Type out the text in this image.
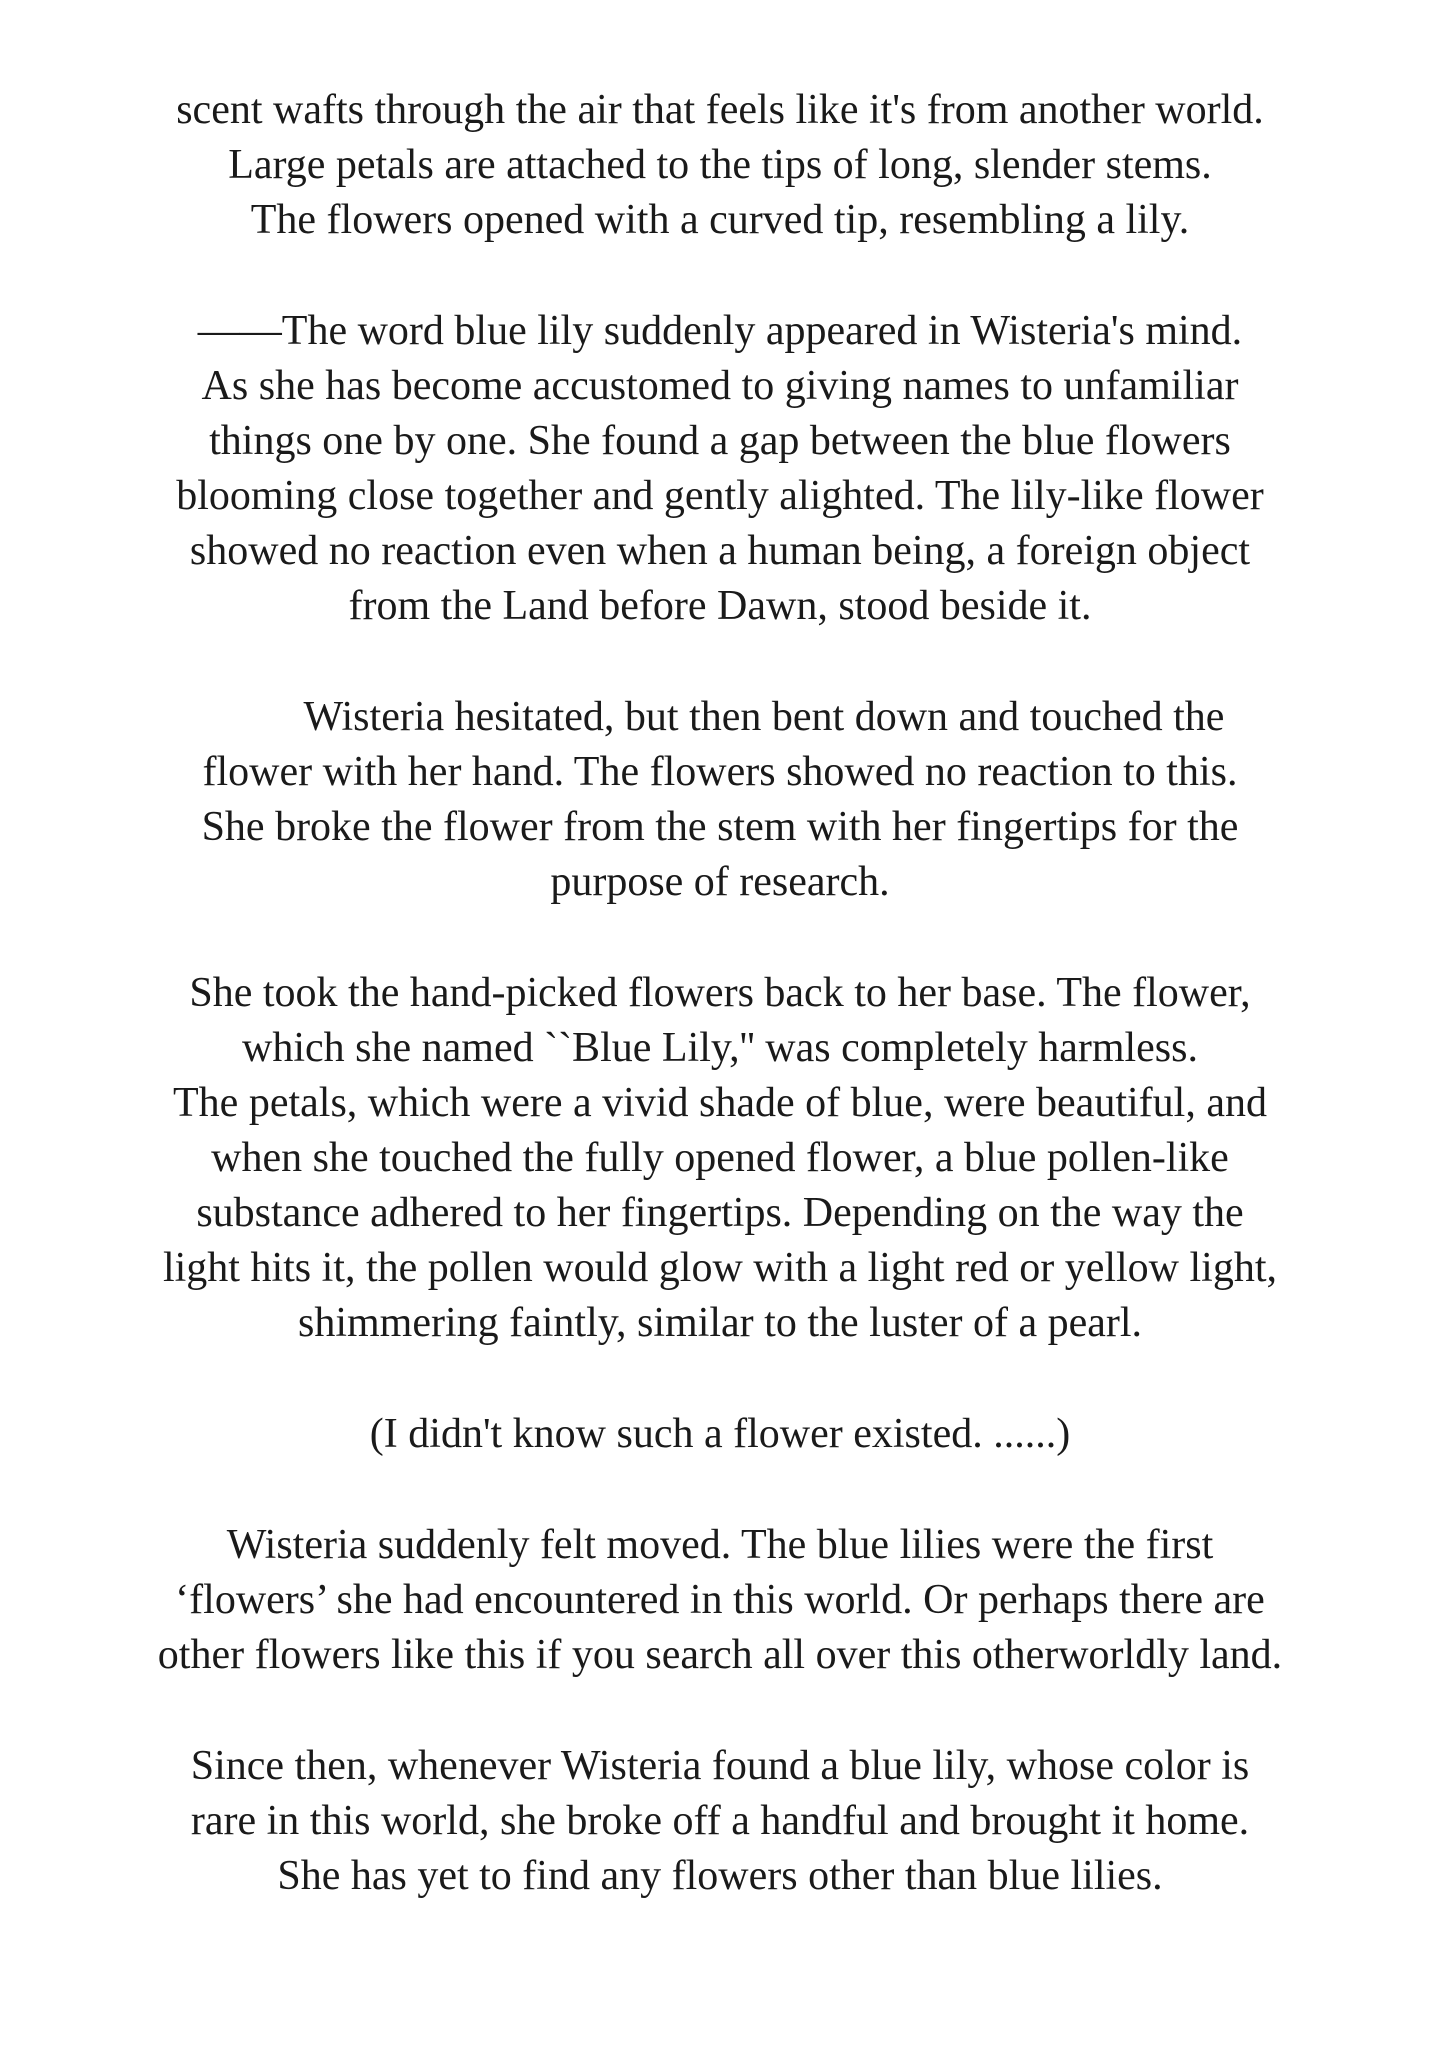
scent wafts through the air that feels like it's from another world.
Large petals are attached to the tips of long, slender stems.
The flowers opened with a curved tip, resembling a lily.
——The word blue lily suddenly appeared in Wisteria's mind.
As she has become accustomed to giving names to unfamiliar
things one by one. She found a gap between the blue flowers
blooming close together and gently alighted. The lily-like flower
showed no reaction even when a human being, a foreign object
from the Land before Dawn, stood beside it.
Wisteria hesitated, but then bent down and touched the
flower with her hand. The flowers showed no reaction to this.
She broke the flower from the stem with her fingertips for the
purpose of research.
She took the hand-picked flowers back to her base. The flower,
which she named ``Blue Lily,'' was completely harmless.
The petals, which were a vivid shade of blue, were beautiful, and
when she touched the fully opened flower, a blue pollen-like
substance adhered to her fingertips. Depending on the way the
light hits it, the pollen would glow with a light red or yellow light,
shimmering faintly, similar to the luster of a pearl.
(I didn't know such a flower existed. ......)
Wisteria suddenly felt moved. The blue lilies were the first
‘flowers’ she had encountered in this world. Or perhaps there are
other flowers like this if you search all over this otherworldly land.
Since then, whenever Wisteria found a blue lily, whose color is
rare in this world, she broke off a handful and brought it home.
She has yet to find any flowers other than blue lilies.
